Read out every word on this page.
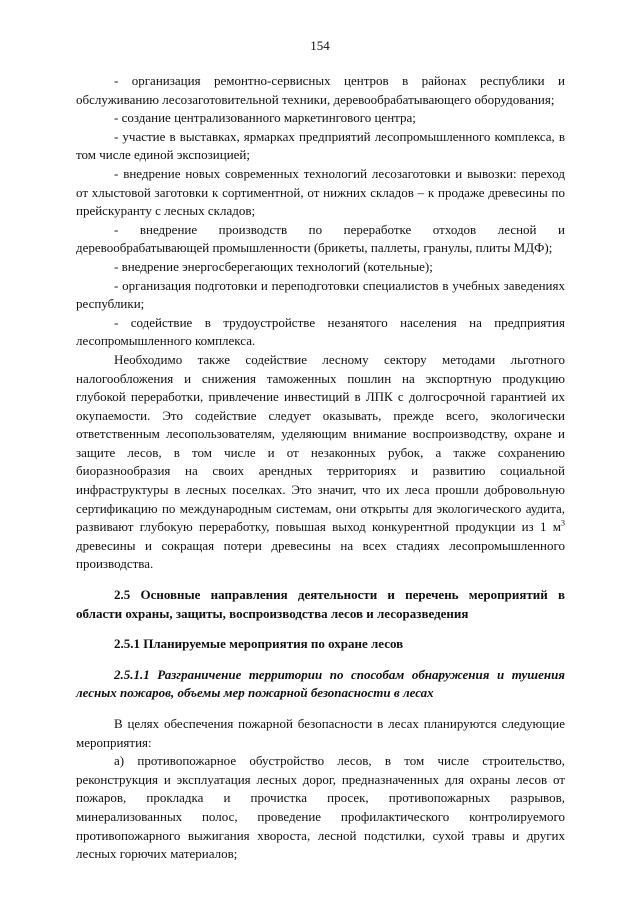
154

- организация ремонтно-сервисных центров в районах республики и обслуживанию лесозаготовительной техники, деревообрабатывающего оборудования;

- создание централизованного маркетингового центра;

- участие в выставках, ярмарках предприятий лесопромышленного комплекса, в том числе единой экспозицией;

- внедрение новых современных технологий лесозаготовки и вывозки: переход от хлыстовой заготовки к сортиментной, от нижних складов – к продаже древесины по прейскуранту с лесных складов;

- внедрение производств по переработке отходов лесной и деревообрабатывающей промышленности (брикеты, паллеты, гранулы, плиты МДФ);

- внедрение энергосберегающих технологий (котельные);

- организация подготовки и переподготовки специалистов в учебных заведениях республики;

- содействие в трудоустройстве незанятого населения на предприятия лесопромышленного комплекса.

Необходимо также содействие лесному сектору методами льготного налогообложения и снижения таможенных пошлин на экспортную продукцию глубокой переработки, привлечение инвестиций в ЛПК с долгосрочной гарантией их окупаемости. Это содействие следует оказывать, прежде всего, экологически ответственным лесопользователям, уделяющим внимание воспроизводству, охране и защите лесов, в том числе и от незаконных рубок, а также сохранению биоразнообразия на своих арендных территориях и развитию социальной инфраструктуры в лесных поселках. Это значит, что их леса прошли добровольную сертификацию по международным системам, они открыты для экологического аудита, развивают глубокую переработку, повышая выход конкурентной продукции из 1 $м^3$ древесины и сокращая потери древесины на всех стадиях лесопромышленного производства.

2.5 Основные направления деятельности и перечень мероприятий в области охраны, защиты, воспроизводства лесов и лесоразведения

2.5.1 Планируемые мероприятия по охране лесов

2.5.1.1 Разграничение территории по способам обнаружения и тушения лесных пожаров, объемы мер пожарной безопасности в лесах

В целях обеспечения пожарной безопасности в лесах планируются следующие мероприятия:

а) противопожарное обустройство лесов, в том числе строительство, реконструкция и эксплуатация лесных дорог, предназначенных для охраны лесов от пожаров, прокладка и прочистка просек, противопожарных разрывов, минерализованных полос, проведение профилактического контролируемого противопожарного выжигания хвороста, лесной подстилки, сухой травы и других лесных горючих материалов;
